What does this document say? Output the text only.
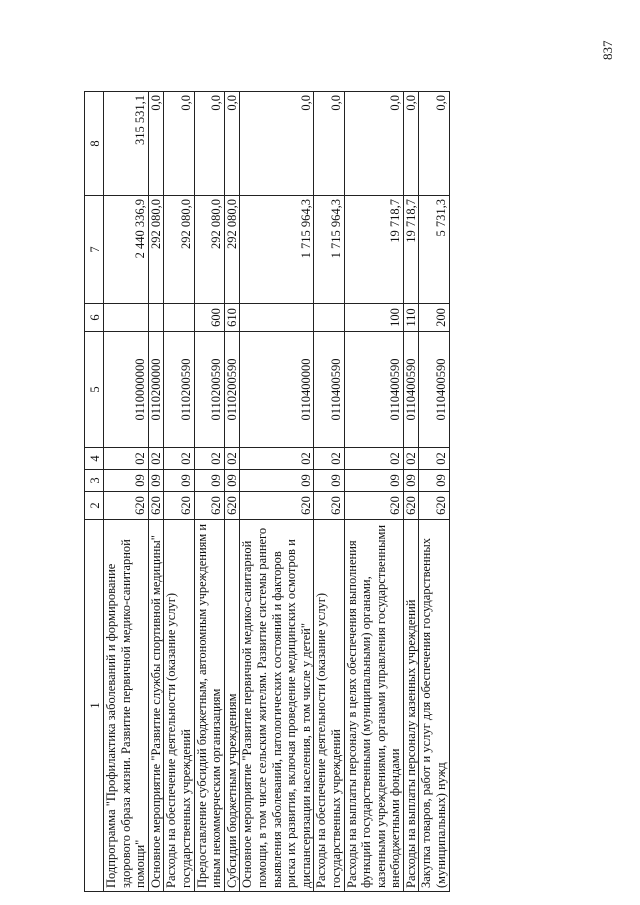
837
1	2	3	4	5	6	7	8
Подпрограмма "Профилактика заболеваний и формирование здорового образа жизни. Развитие первичной медико-санитарной помощи"	620	09	02	0110000000		2 440 336,9	315 531,1
Основное мероприятие "Развитие службы спортивной медицины"	620	09	02	0110200000		292 080,0	0,0
Расходы на обеспечение деятельности (оказание услуг) государственных учреждений	620	09	02	0110200590		292 080,0	0,0
Предоставление субсидий бюджетным, автономным учреждениям и иным некоммерческим организациям	620	09	02	0110200590	600	292 080,0	0,0
Субсидии бюджетным учреждениям	620	09	02	0110200590	610	292 080,0	0,0
Основное мероприятие "Развитие первичной медико-санитарной помощи, в том числе сельским жителям. Развитие системы раннего выявления заболеваний, патологических состояний и факторов риска их развития, включая проведение медицинских осмотров и диспансеризации населения, в том числе у детей"	620	09	02	0110400000		1 715 964,3	0,0
Расходы на обеспечение деятельности (оказание услуг) государственных учреждений	620	09	02	0110400590		1 715 964,3	0,0
Расходы на выплаты персоналу в целях обеспечения выполнения функций государственными (муниципальными) органами, казенными учреждениями, органами управления государственными внебюджетными фондами	620	09	02	0110400590	100	19 718,7	0,0
Расходы на выплаты персоналу казенных учреждений	620	09	02	0110400590	110	19 718,7	0,0
Закупка товаров, работ и услуг для обеспечения государственных (муниципальных) нужд	620	09	02	0110400590	200	5 731,3	0,0
